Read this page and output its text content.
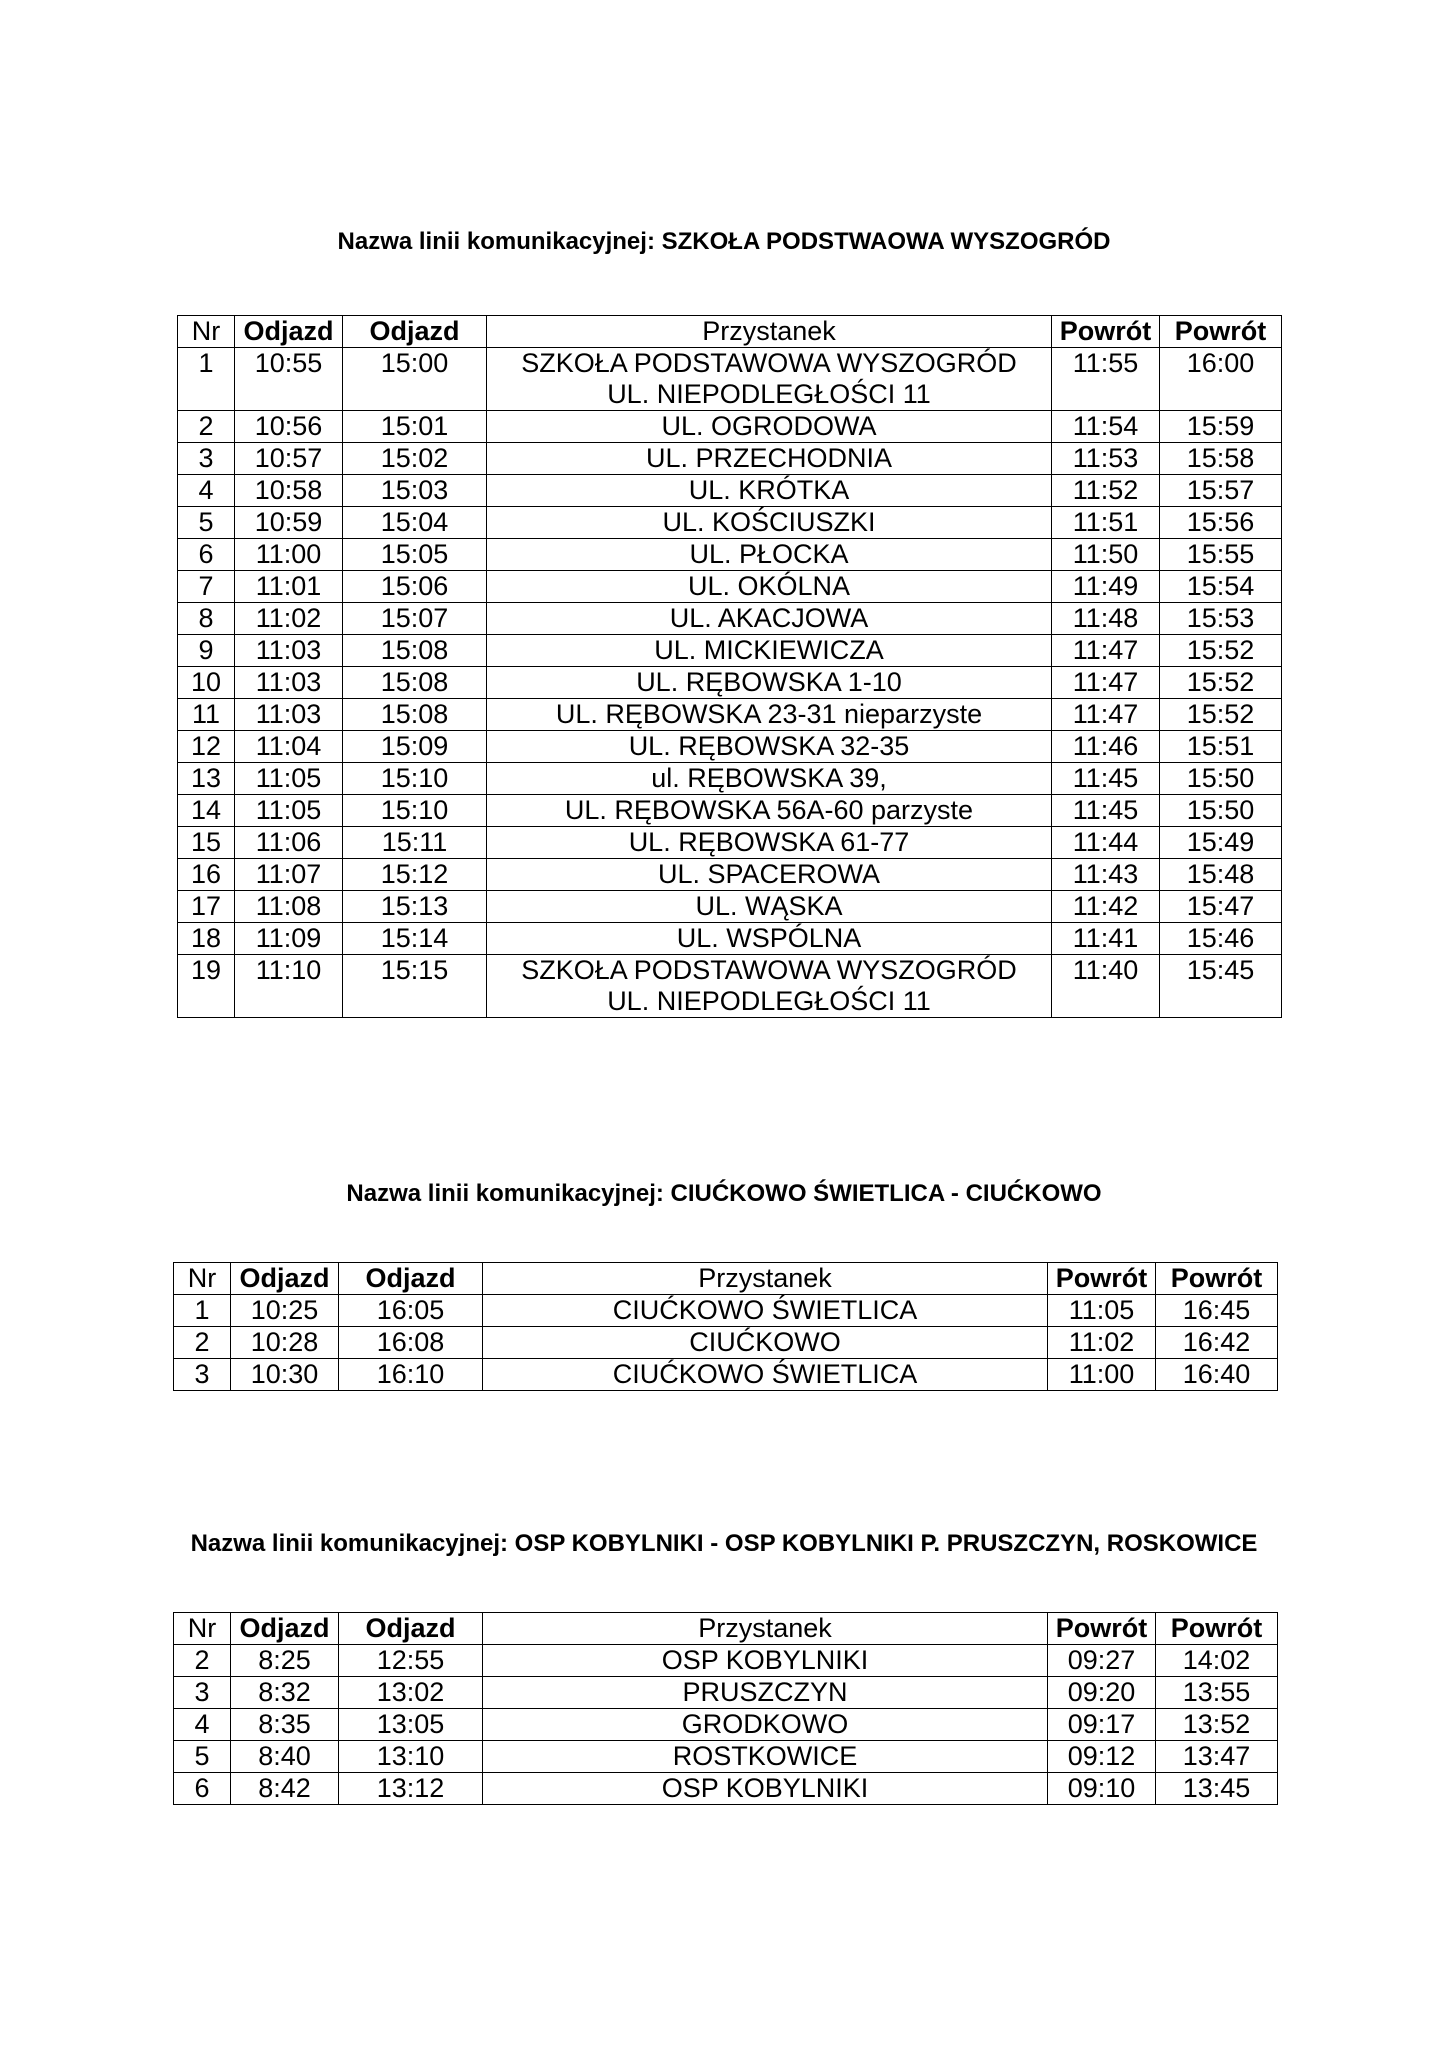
Nazwa linii komunikacyjnej: SZKOŁA PODSTWAOWA WYSZOGRÓD
Nr	Odjazd	Odjazd	Przystanek	Powrót	Powrót
1	10:55	15:00	SZKOŁA PODSTAWOWA WYSZOGRÓD
UL. NIEPODLEGŁOŚCI 11	11:55	16:00
2	10:56	15:01	UL. OGRODOWA	11:54	15:59
3	10:57	15:02	UL. PRZECHODNIA	11:53	15:58
4	10:58	15:03	UL. KRÓTKA	11:52	15:57
5	10:59	15:04	UL. KOŚCIUSZKI	11:51	15:56
6	11:00	15:05	UL. PŁOCKA	11:50	15:55
7	11:01	15:06	UL. OKÓLNA	11:49	15:54
8	11:02	15:07	UL. AKACJOWA	11:48	15:53
9	11:03	15:08	UL. MICKIEWICZA	11:47	15:52
10	11:03	15:08	UL. RĘBOWSKA 1-10	11:47	15:52
11	11:03	15:08	UL. RĘBOWSKA 23-31 nieparzyste	11:47	15:52
12	11:04	15:09	UL. RĘBOWSKA 32-35	11:46	15:51
13	11:05	15:10	ul. RĘBOWSKA 39,	11:45	15:50
14	11:05	15:10	UL. RĘBOWSKA 56A-60 parzyste	11:45	15:50
15	11:06	15:11	UL. RĘBOWSKA 61-77	11:44	15:49
16	11:07	15:12	UL. SPACEROWA	11:43	15:48
17	11:08	15:13	UL. WĄSKA	11:42	15:47
18	11:09	15:14	UL. WSPÓLNA	11:41	15:46
19	11:10	15:15	SZKOŁA PODSTAWOWA WYSZOGRÓD
UL. NIEPODLEGŁOŚCI 11	11:40	15:45
Nazwa linii komunikacyjnej: CIUĆKOWO ŚWIETLICA - CIUĆKOWO
Nr	Odjazd	Odjazd	Przystanek	Powrót	Powrót
1	10:25	16:05	CIUĆKOWO ŚWIETLICA	11:05	16:45
2	10:28	16:08	CIUĆKOWO	11:02	16:42
3	10:30	16:10	CIUĆKOWO ŚWIETLICA	11:00	16:40
Nazwa linii komunikacyjnej: OSP KOBYLNIKI - OSP KOBYLNIKI P. PRUSZCZYN, ROSKOWICE
Nr	Odjazd	Odjazd	Przystanek	Powrót	Powrót
2	8:25	12:55	OSP KOBYLNIKI	09:27	14:02
3	8:32	13:02	PRUSZCZYN	09:20	13:55
4	8:35	13:05	GRODKOWO	09:17	13:52
5	8:40	13:10	ROSTKOWICE	09:12	13:47
6	8:42	13:12	OSP KOBYLNIKI	09:10	13:45
